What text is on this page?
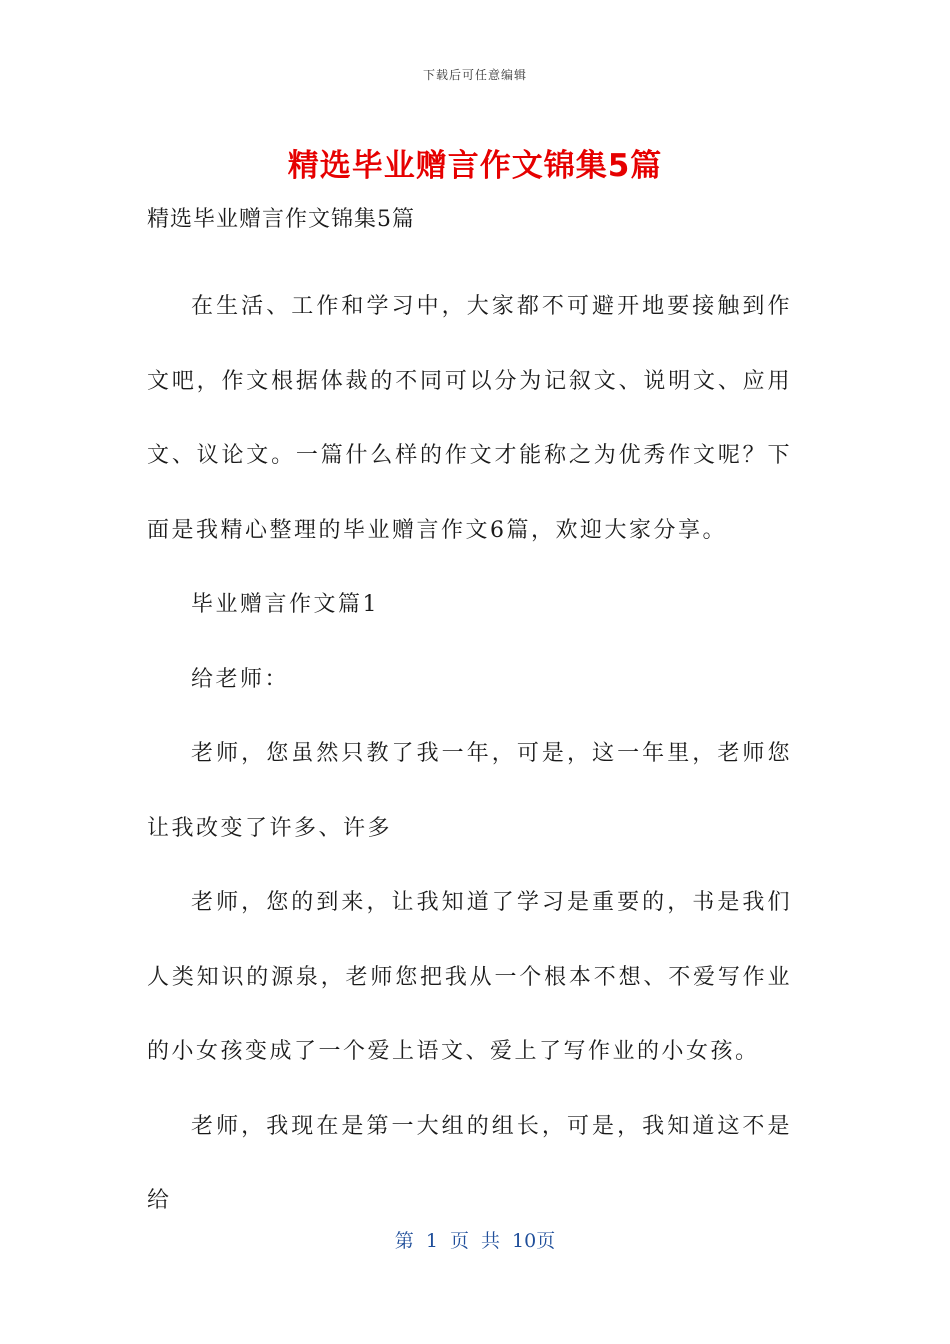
下载后可任意编辑
精选毕业赠言作文锦集5篇

精选毕业赠言作文锦集5篇

在生活、工作和学习中，大家都不可避开地要接触到作文吧，作文根据体裁的不同可以分为记叙文、说明文、应用文、议论文。一篇什么样的作文才能称之为优秀作文呢？下面是我精心整理的毕业赠言作文6篇，欢迎大家分享。

毕业赠言作文篇1

给老师：

老师，您虽然只教了我一年，可是，这一年里，老师您让我改变了许多、许多

老师，您的到来，让我知道了学习是重要的，书是我们人类知识的源泉，老师您把我从一个根本不想、不爱写作业的小女孩变成了一个爱上语文、爱上了写作业的小女孩。

老师，我现在是第一大组的组长，可是，我知道这不是给

第 1 页 共 10页
